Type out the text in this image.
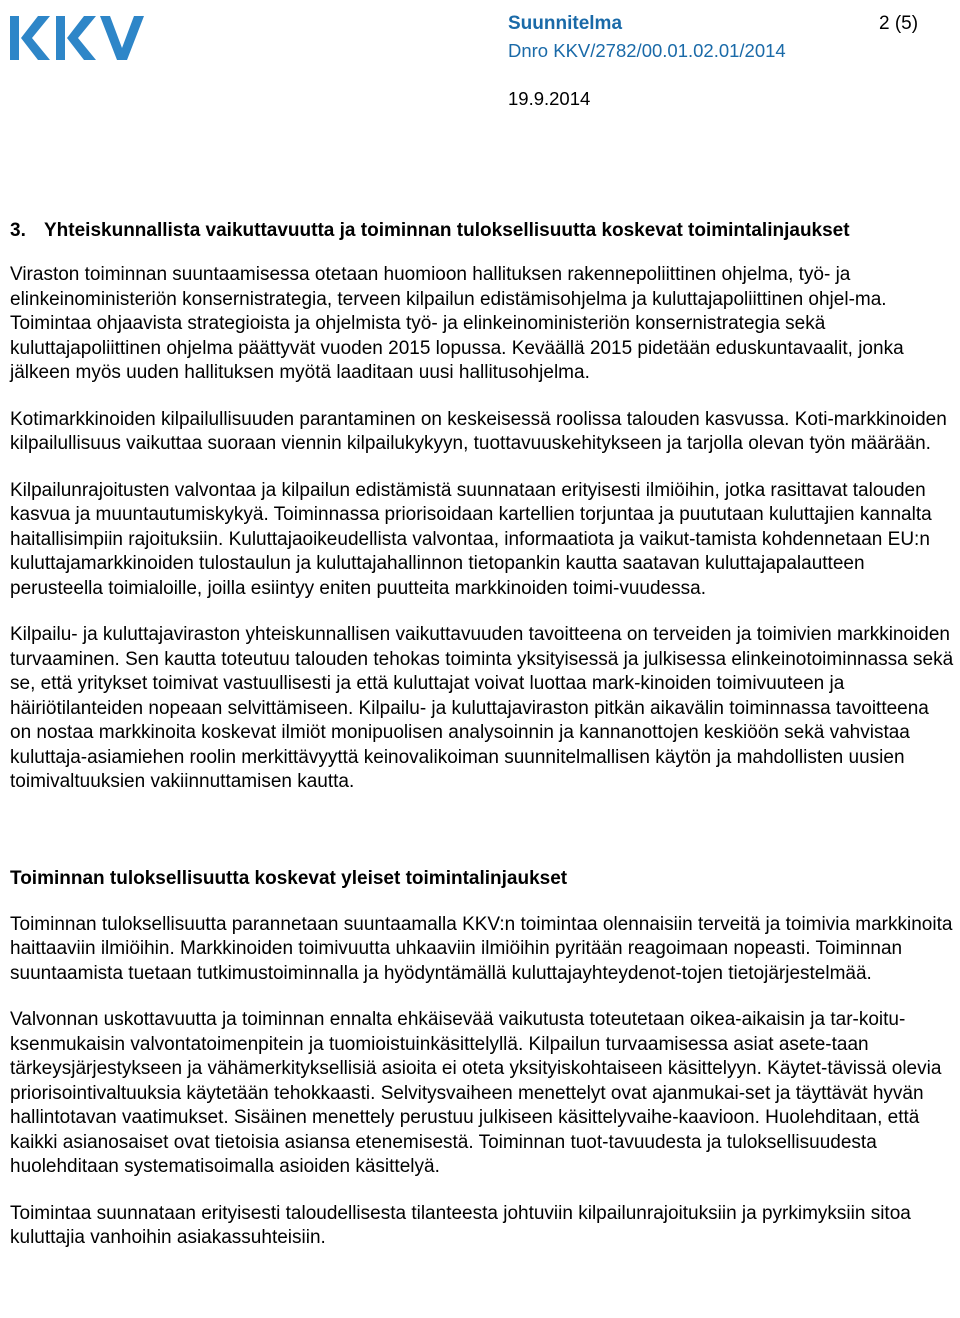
Suunnitelma	2 (5)
Dnro KKV/2782/00.01.02.01/2014
19.9.2014
3. Yhteiskunnallista vaikuttavuutta ja toiminnan tuloksellisuutta koskevat toimintalinjaukset

Viraston toiminnan suuntaamisessa otetaan huomioon hallituksen rakennepoliittinen ohjelma, työ- ja elinkeinoministeriön konsernistrategia, terveen kilpailun edistämisohjelma ja kuluttajapoliittinen ohjel-ma. Toimintaa ohjaavista strategioista ja ohjelmista työ- ja elinkeinoministeriön konsernistrategia sekä kuluttajapoliittinen ohjelma päättyvät vuoden 2015 lopussa. Keväällä 2015 pidetään eduskuntavaalit, jonka jälkeen myös uuden hallituksen myötä laaditaan uusi hallitusohjelma.

Kotimarkkinoiden kilpailullisuuden parantaminen on keskeisessä roolissa talouden kasvussa. Koti-markkinoiden kilpailullisuus vaikuttaa suoraan viennin kilpailukykyyn, tuottavuuskehitykseen ja tarjolla olevan työn määrään.

Kilpailunrajoitusten valvontaa ja kilpailun edistämistä suunnataan erityisesti ilmiöihin, jotka rasittavat talouden kasvua ja muuntautumiskykyä. Toiminnassa priorisoidaan kartellien torjuntaa ja puututaan kuluttajien kannalta haitallisimpiin rajoituksiin. Kuluttajaoikeudellista valvontaa, informaatiota ja vaikut-tamista kohdennetaan EU:n kuluttajamarkkinoiden tulostaulun ja kuluttajahallinnon tietopankin kautta saatavan kuluttajapalautteen perusteella toimialoille, joilla esiintyy eniten puutteita markkinoiden toimi-vuudessa.

Kilpailu- ja kuluttajaviraston yhteiskunnallisen vaikuttavuuden tavoitteena on terveiden ja toimivien markkinoiden turvaaminen. Sen kautta toteutuu talouden tehokas toiminta yksityisessä ja julkisessa elinkeinotoiminnassa sekä se, että yritykset toimivat vastuullisesti ja että kuluttajat voivat luottaa mark-kinoiden toimivuuteen ja häiriötilanteiden nopeaan selvittämiseen. Kilpailu- ja kuluttajaviraston pitkän aikavälin toiminnassa tavoitteena on nostaa markkinoita koskevat ilmiöt monipuolisen analysoinnin ja kannanottojen keskiöön sekä vahvistaa kuluttaja-asiamiehen roolin merkittävyyttä keinovalikoiman suunnitelmallisen käytön ja mahdollisten uusien toimivaltuuksien vakiinnuttamisen kautta.

Toiminnan tuloksellisuutta koskevat yleiset toimintalinjaukset

Toiminnan tuloksellisuutta parannetaan suuntaamalla KKV:n toimintaa olennaisiin terveitä ja toimivia markkinoita haittaaviin ilmiöihin. Markkinoiden toimivuutta uhkaaviin ilmiöihin pyritään reagoimaan nopeasti. Toiminnan suuntaamista tuetaan tutkimustoiminnalla ja hyödyntämällä kuluttajayhteydenot-tojen tietojärjestelmää.

Valvonnan uskottavuutta ja toiminnan ennalta ehkäisevää vaikutusta toteutetaan oikea-aikaisin ja tar-koituksenmukaisin valvontatoimenpitein ja tuomioistuinkäsittelyllä. Kilpailun turvaamisessa asiat asete-taan tärkeysjärjestykseen ja vähämerkityksellisiä asioita ei oteta yksityiskohtaiseen käsittelyyn. Käytet-tävissä olevia priorisointivaltuuksia käytetään tehokkaasti. Selvitysvaiheen menettelyt ovat ajanmukai-set ja täyttävät hyvän hallintotavan vaatimukset. Sisäinen menettely perustuu julkiseen käsittelyvaihe-kaavioon. Huolehditaan, että kaikki asianosaiset ovat tietoisia asiansa etenemisestä. Toiminnan tuot-tavuudesta ja tuloksellisuudesta huolehditaan systematisoimalla asioiden käsittelyä.

Toimintaa suunnataan erityisesti taloudellisesta tilanteesta johtuviin kilpailunrajoituksiin ja pyrkimyksiin sitoa kuluttajia vanhoihin asiakassuhteisiin.
